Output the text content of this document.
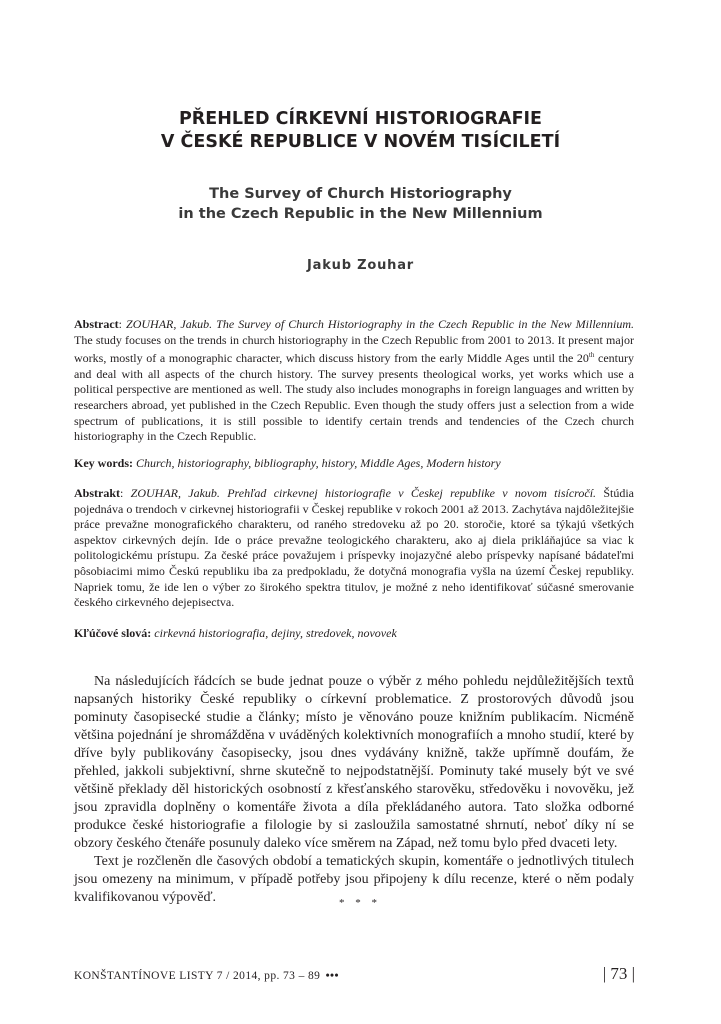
PŘEHLED CÍRKEVNÍ HISTORIOGRAFIE
V ČESKÉ REPUBLICE V NOVÉM TISÍCILETÍ
The Survey of Church Historiography
in the Czech Republic in the New Millennium
Jakub Zouhar
Abstract: ZOUHAR, Jakub. The Survey of Church Historiography in the Czech Republic in the New Millennium. The study focuses on the trends in church historiography in the Czech Republic from 2001 to 2013. It present major works, mostly of a monographic character, which discuss history from the early Middle Ages until the 20th century and deal with all aspects of the church history. The survey presents theological works, yet works which use a political perspective are mentioned as well. The study also includes monographs in foreign languages and written by researchers abroad, yet published in the Czech Republic. Even though the study offers just a selection from a wide spectrum of publications, it is still possible to identify certain trends and tendencies of the Czech church historiography in the Czech Republic.
Key words: Church, historiography, bibliography, history, Middle Ages, Modern history
Abstrakt: ZOUHAR, Jakub. Prehľad cirkevnej historiografie v Českej republike v novom tisícročí. Štúdia pojednáva o trendoch v cirkevnej historiografii v Českej republike v rokoch 2001 až 2013. Zachytáva najdôležitejšie práce prevažne monografického charakteru, od raného stredoveku až po 20. storočie, ktoré sa týkajú všetkých aspektov cirkevných dejín. Ide o práce prevažne teologického charakteru, ako aj diela prikláňajúce sa viac k politologickému prístupu. Za české práce považujem i príspevky inojazyčné alebo príspevky napísané bádateľmi pôsobiacimi mimo Českú republiku iba za predpokladu, že dotyčná monografia vyšla na území Českej republiky. Napriek tomu, že ide len o výber zo širokého spektra titulov, je možné z neho identifikovať súčasné smerovanie českého cirkevného dejepisectva.
Kľúčové slová: cirkevná historiografia, dejiny, stredovek, novovek

Na následujících řádcích se bude jednat pouze o výběr z mého pohledu nejdůležitějších textů napsaných historiky České republiky o církevní problematice. Z prostorových důvodů jsou pominuty časopisecké studie a články; místo je věnováno pouze knižním publikacím. Nicméně většina pojednání je shromážděna v uváděných kolektivních monografiích a mnoho studií, které by dříve byly publikovány časopisecky, jsou dnes vydávány knižně, takže upřímně doufám, že přehled, jakkoli subjektivní, shrne skutečně to nejpodstatnější. Pominuty také musely být ve své většině překlady děl historických osobností z křesťanského starověku, středověku i novověku, jež jsou zpravidla doplněny o komentáře života a díla překládaného autora. Tato složka odborné produkce české historiografie a filologie by si zasloužila samostatné shrnutí, neboť díky ní se obzory českého čtenáře posunuly daleko více směrem na Západ, než tomu bylo před dvaceti lety.

Text je rozčleněn dle časových období a tematických skupin, komentáře o jednotlivých titulech jsou omezeny na minimum, v případě potřeby jsou připojeny k dílu recenze, které o něm podaly kvalifikovanou výpověď.	* * *
KONŠTANTÍNOVE LISTY 7 / 2014, pp. 73 – 89 •••	| 73 |
